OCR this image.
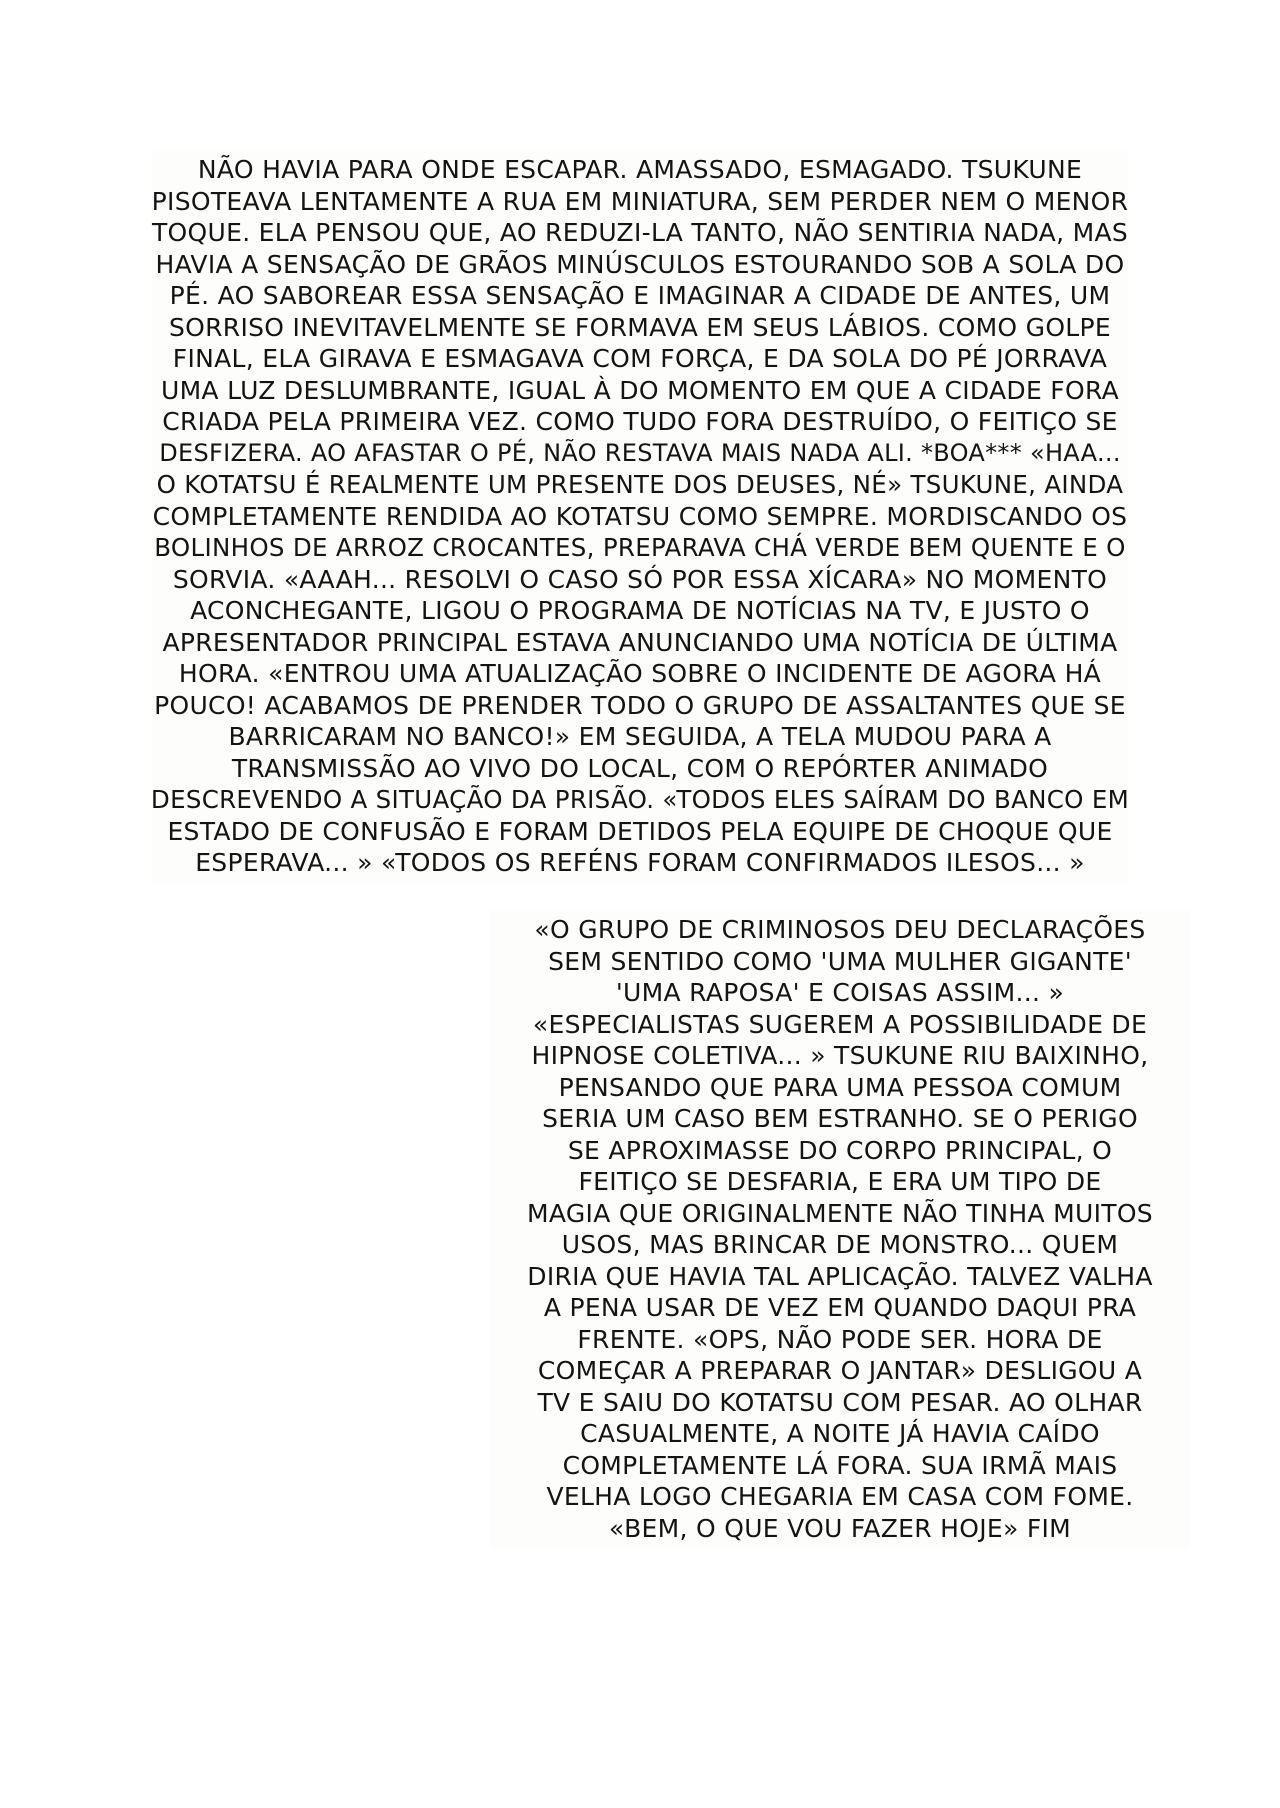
NÃO HAVIA PARA ONDE ESCAPAR. AMASSADO, ESMAGADO. TSUKUNE
PISOTEAVA LENTAMENTE A RUA EM MINIATURA, SEM PERDER NEM O MENOR
TOQUE. ELA PENSOU QUE, AO REDUZI-LA TANTO, NÃO SENTIRIA NADA, MAS
HAVIA A SENSAÇÃO DE GRÃOS MINÚSCULOS ESTOURANDO SOB A SOLA DO
PÉ. AO SABOREAR ESSA SENSAÇÃO E IMAGINAR A CIDADE DE ANTES, UM
SORRISO INEVITAVELMENTE SE FORMAVA EM SEUS LÁBIOS. COMO GOLPE
FINAL, ELA GIRAVA E ESMAGAVA COM FORÇA, E DA SOLA DO PÉ JORRAVA
UMA LUZ DESLUMBRANTE, IGUAL À DO MOMENTO EM QUE A CIDADE FORA
CRIADA PELA PRIMEIRA VEZ. COMO TUDO FORA DESTRUÍDO, O FEITIÇO SE
DESFIZERA. AO AFASTAR O PÉ, NÃO RESTAVA MAIS NADA ALI. *BOA*** «HAA...
O KOTATSU É REALMENTE UM PRESENTE DOS DEUSES, NÉ» TSUKUNE, AINDA
COMPLETAMENTE RENDIDA AO KOTATSU COMO SEMPRE. MORDISCANDO OS
BOLINHOS DE ARROZ CROCANTES, PREPARAVA CHÁ VERDE BEM QUENTE E O
SORVIA. «AAAH... RESOLVI O CASO SÓ POR ESSA XÍCARA» NO MOMENTO
ACONCHEGANTE, LIGOU O PROGRAMA DE NOTÍCIAS NA TV, E JUSTO O
APRESENTADOR PRINCIPAL ESTAVA ANUNCIANDO UMA NOTÍCIA DE ÚLTIMA
HORA. «ENTROU UMA ATUALIZAÇÃO SOBRE O INCIDENTE DE AGORA HÁ
POUCO! ACABAMOS DE PRENDER TODO O GRUPO DE ASSALTANTES QUE SE
BARRICARAM NO BANCO!» EM SEGUIDA, A TELA MUDOU PARA A
TRANSMISSÃO AO VIVO DO LOCAL, COM O REPÓRTER ANIMADO
DESCREVENDO A SITUAÇÃO DA PRISÃO. «TODOS ELES SAÍRAM DO BANCO EM
ESTADO DE CONFUSÃO E FORAM DETIDOS PELA EQUIPE DE CHOQUE QUE
ESPERAVA... » «TODOS OS REFÉNS FORAM CONFIRMADOS ILESOS... »
«O GRUPO DE CRIMINOSOS DEU DECLARAÇÕES
SEM SENTIDO COMO 'UMA MULHER GIGANTE'
'UMA RAPOSA' E COISAS ASSIM... »
«ESPECIALISTAS SUGEREM A POSSIBILIDADE DE
HIPNOSE COLETIVA... » TSUKUNE RIU BAIXINHO,
PENSANDO QUE PARA UMA PESSOA COMUM
SERIA UM CASO BEM ESTRANHO. SE O PERIGO
SE APROXIMASSE DO CORPO PRINCIPAL, O
FEITIÇO SE DESFARIA, E ERA UM TIPO DE
MAGIA QUE ORIGINALMENTE NÃO TINHA MUITOS
USOS, MAS BRINCAR DE MONSTRO... QUEM
DIRIA QUE HAVIA TAL APLICAÇÃO. TALVEZ VALHA
A PENA USAR DE VEZ EM QUANDO DAQUI PRA
FRENTE. «OPS, NÃO PODE SER. HORA DE
COMEÇAR A PREPARAR O JANTAR» DESLIGOU A
TV E SAIU DO KOTATSU COM PESAR. AO OLHAR
CASUALMENTE, A NOITE JÁ HAVIA CAÍDO
COMPLETAMENTE LÁ FORA. SUA IRMÃ MAIS
VELHA LOGO CHEGARIA EM CASA COM FOME.
«BEM, O QUE VOU FAZER HOJE» FIM
